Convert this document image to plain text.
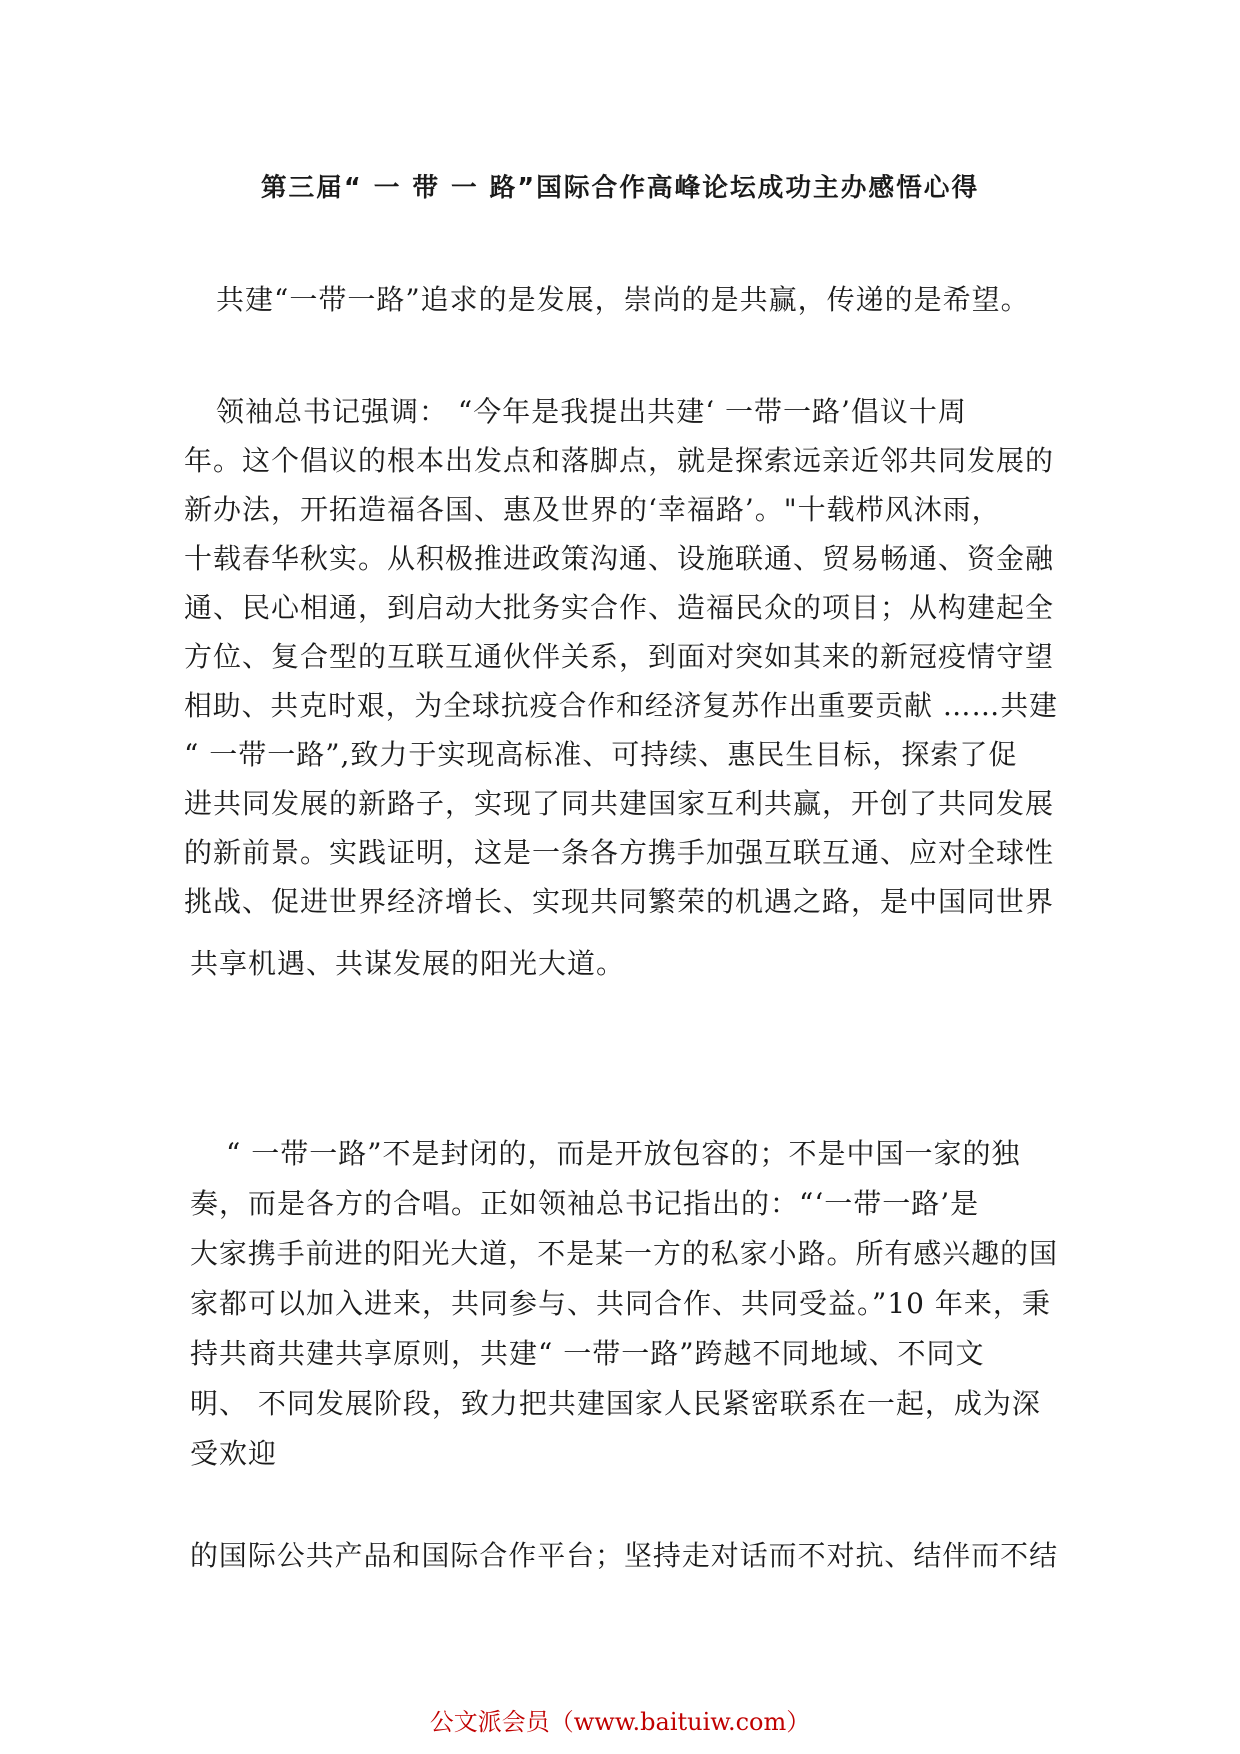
第三届“ 一 带 一 路”国际合作高峰论坛成功主办感悟心得
共建“一带一路”追求的是发展，崇尚的是共赢，传递的是希望。
领袖总书记强调： “今年是我提出共建‘ 一带一路’倡议十周
年。这个倡议的根本出发点和落脚点，就是探索远亲近邻共同发展的
新办法，开拓造福各国、惠及世界的‘幸福路’。"十载栉风沐雨，
十载春华秋实。从积极推进政策沟通、设施联通、贸易畅通、资金融
通、民心相通，到启动大批务实合作、造福民众的项目；从构建起全
方位、复合型的互联互通伙伴关系，到面对突如其来的新冠疫情守望
相助、共克时艰，为全球抗疫合作和经济复苏作出重要贡献 ……共建
“ 一带一路”,致力于实现高标准、可持续、惠民生目标，探索了促
进共同发展的新路子，实现了同共建国家互利共赢，开创了共同发展
的新前景。实践证明，这是一条各方携手加强互联互通、应对全球性
挑战、促进世界经济增长、实现共同繁荣的机遇之路，是中国同世界
共享机遇、共谋发展的阳光大道。
“ 一带一路”不是封闭的，而是开放包容的；不是中国一家的独
奏，而是各方的合唱。正如领袖总书记指出的：“‘一带一路’是
大家携手前进的阳光大道，不是某一方的私家小路。所有感兴趣的国
家都可以加入进来，共同参与、共同合作、共同受益。”10 年来，秉
持共商共建共享原则，共建“ 一带一路”跨越不同地域、不同文
明、 不同发展阶段，致力把共建国家人民紧密联系在一起，成为深
受欢迎
的国际公共产品和国际合作平台；坚持走对话而不对抗、结伴而不结
公文派会员（www.baituiw.com）
